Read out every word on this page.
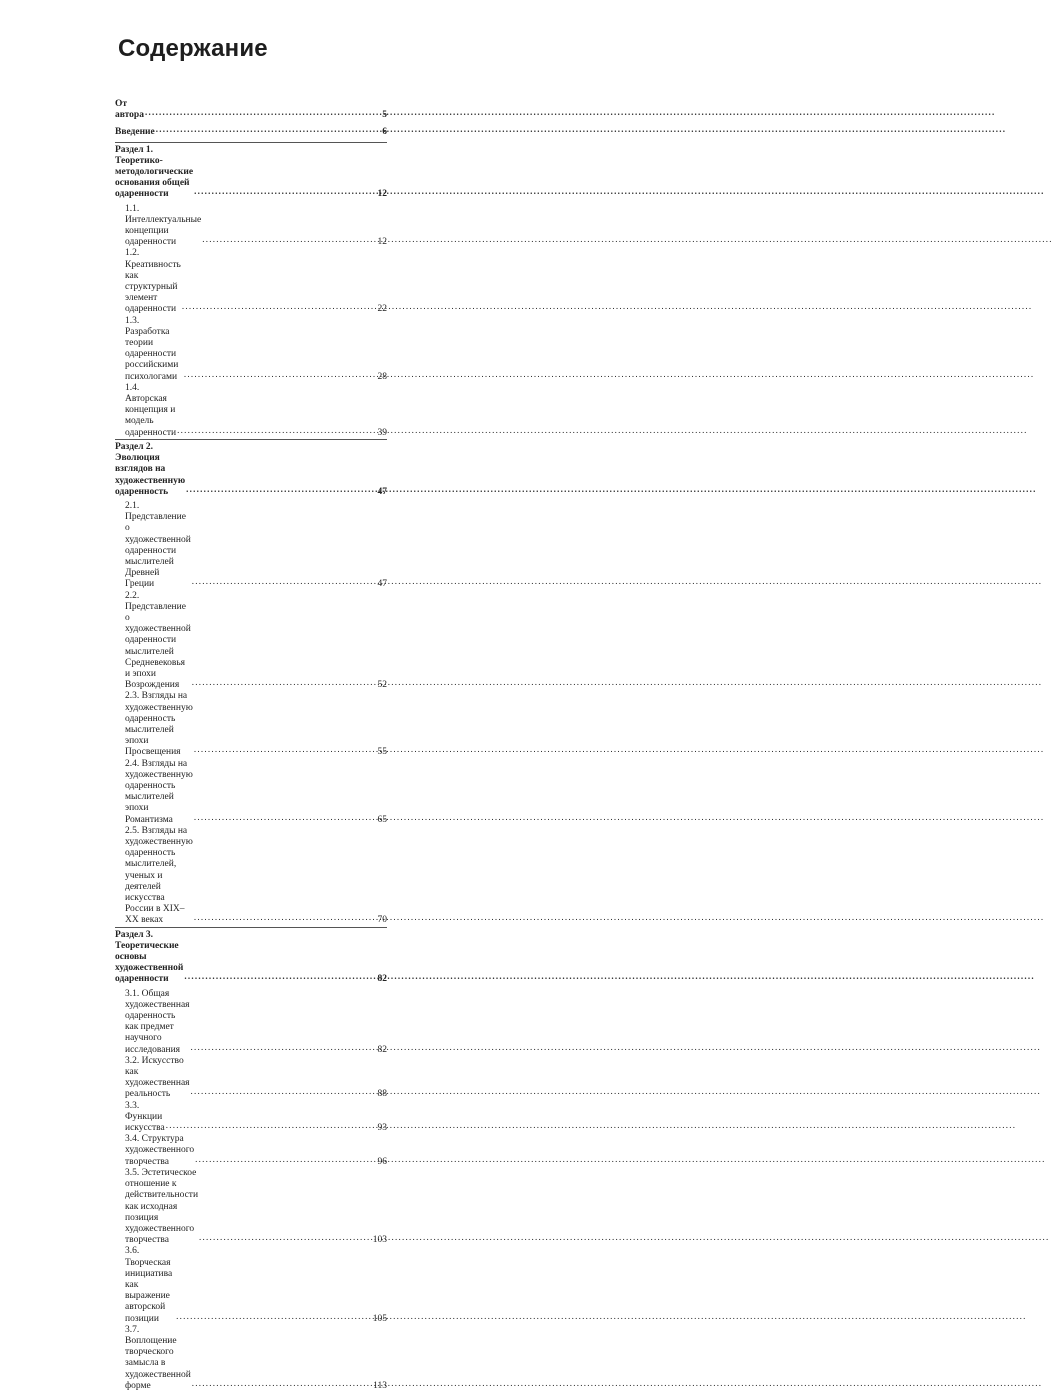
Содержание
От автора . . .	5
Введение . . .	6
Раздел 1. Теоретико-методологические основания общей
одаренности . . .	12
1.1. Интеллектуальные концепции одаренности . . .	12
1.2. Креативность как структурный элемент одаренности . . .	22
1.3. Разработка теории одаренности российскими психологами . . .	28
1.4. Авторская концепция и модель одаренности . . .	39
Раздел 2. Эволюция взглядов на художественную одаренность . . .	47
2.1. Представление о художественной одаренности мыслителей
Древней Греции . . .	47
2.2. Представление о художественной одаренности мыслителей
Средневековья и эпохи Возрождения . . .	52
2.3. Взгляды на художественную одаренность мыслителей
эпохи Просвещения . . .	55
2.4. Взгляды на художественную одаренность мыслителей
эпохи Романтизма . . .	65
2.5. Взгляды на художественную одаренность мыслителей,
ученых и деятелей искусства России в XIX–XX веках . . .	70
Раздел 3. Теоретические основы художественной одаренности . . .	82
3.1. Общая художественная одаренность
как предмет научного исследования . . .	82
3.2. Искусство как художественная реальность . . .	88
3.3. Функции искусства . . .	93
3.4. Структура художественного творчества . . .	96
3.5. Эстетическое отношение к действительности
как исходная позиция художественного творчества . . .	103
3.6. Творческая инициатива как выражение авторской
позиции . . .	105
3.7. Воплощение творческого замысла в художественной
форме . . .	113
